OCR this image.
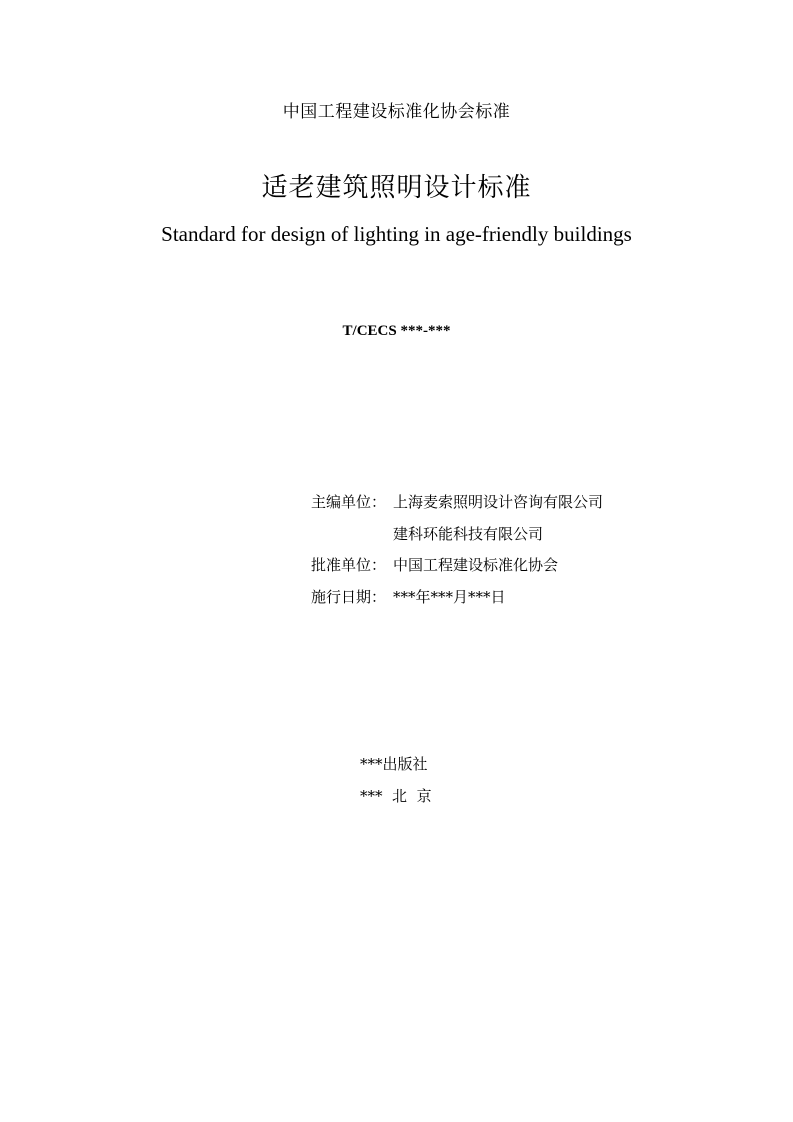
中国工程建设标准化协会标准
适老建筑照明设计标准
Standard for design of lighting in age-friendly buildings
T/CECS ***-***
主编单位： 上海麦索照明设计咨询有限公司
建科环能科技有限公司
批准单位： 中国工程建设标准化协会
施行日期： ***年***月***日
***出版社
***  北  京
